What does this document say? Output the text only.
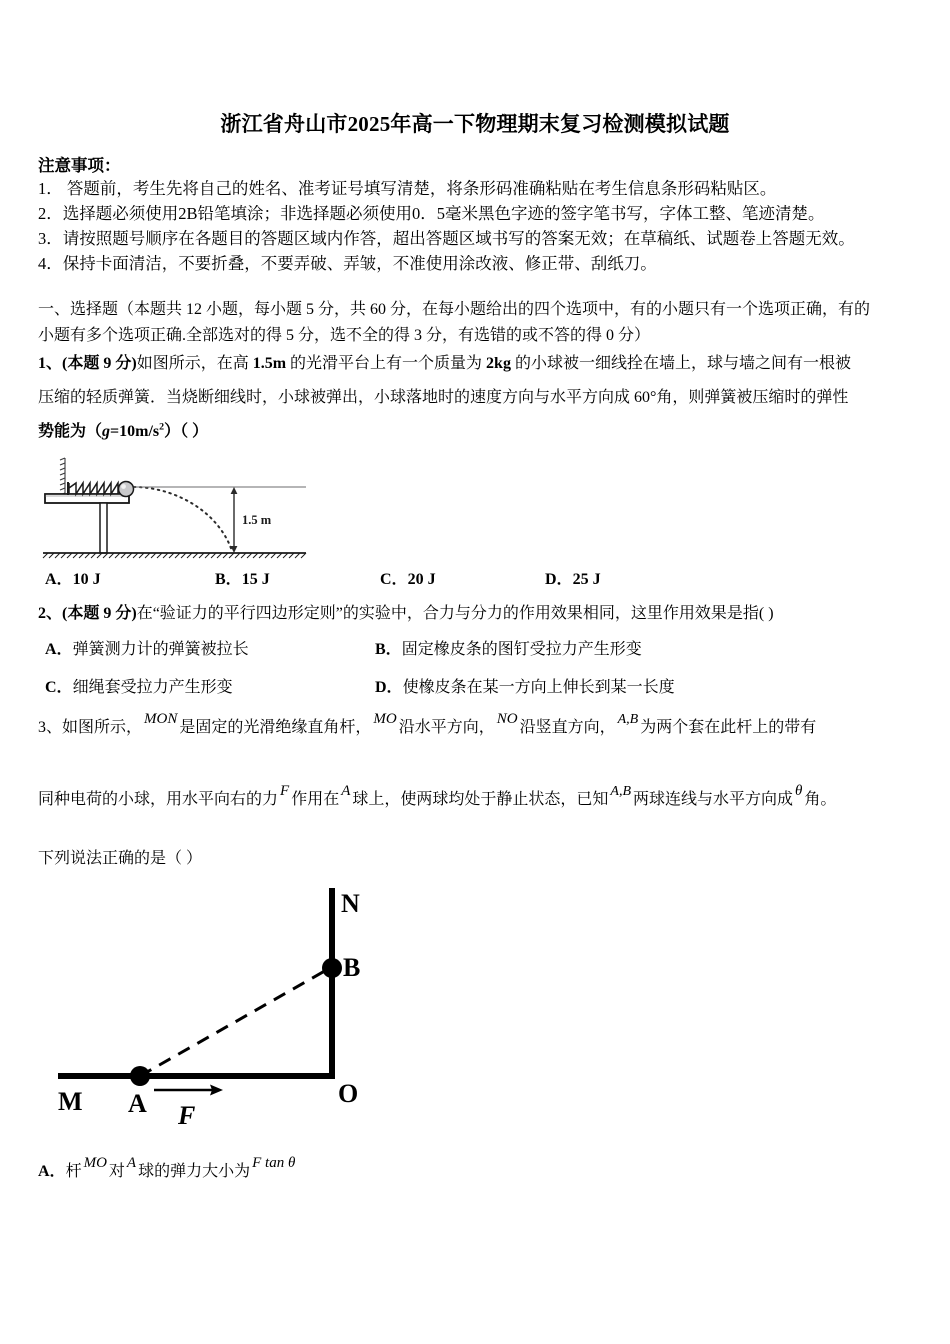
浙江省舟山市2025年高一下物理期末复习检测模拟试题
注意事项：
1． 答题前，考生先将自己的姓名、准考证号填写清楚，将条形码准确粘贴在考生信息条形码粘贴区。
2．选择题必须使用2B铅笔填涂；非选择题必须使用0．5毫米黑色字迹的签字笔书写，字体工整、笔迹清楚。
3．请按照题号顺序在各题目的答题区域内作答，超出答题区域书写的答案无效；在草稿纸、试题卷上答题无效。
4．保持卡面清洁，不要折叠，不要弄破、弄皱，不准使用涂改液、修正带、刮纸刀。
一、选择题（本题共 12 小题，每小题 5 分，共 60 分，在每小题给出的四个选项中，有的小题只有一个选项正确，有的
小题有多个选项正确.全部选对的得 5 分，选不全的得 3 分，有选错的或不答的得 0 分）
1、(本题 9 分)如图所示，在高 1.5m 的光滑平台上有一个质量为 2kg 的小球被一细线拴在墙上，球与墙之间有一根被
压缩的轻质弹簧．当烧断细线时，小球被弹出，小球落地时的速度方向与水平方向成 60°角，则弹簧被压缩时的弹性
势能为$(g=10m/s^2)$（ ）
1.5 m
A．10 J	B．15 J	C．20 J	D．25 J
2、(本题 9 分)在“验证力的平行四边形定则”的实验中，合力与分力的作用效果相同，这里作用效果是指( )
A．弹簧测力计的弹簧被拉长	B．固定橡皮条的图钉受拉力产生形变
C．细绳套受拉力产生形变	D．使橡皮条在某一方向上伸长到某一长度
3、如图所示， MON 是固定的光滑绝缘直角杆， MO 沿水平方向， NO 沿竖直方向， A,B 为两个套在此杆上的带有
同种电荷的小球，用水平向右的力 F 作用在 A 球上，使两球均处于静止状态，已知 A,B 两球连线与水平方向成 θ 角。
下列说法正确的是（ ）
N
B
O
M A F
A．杆 MO 对 A 球的弹力大小为 F tan θ
